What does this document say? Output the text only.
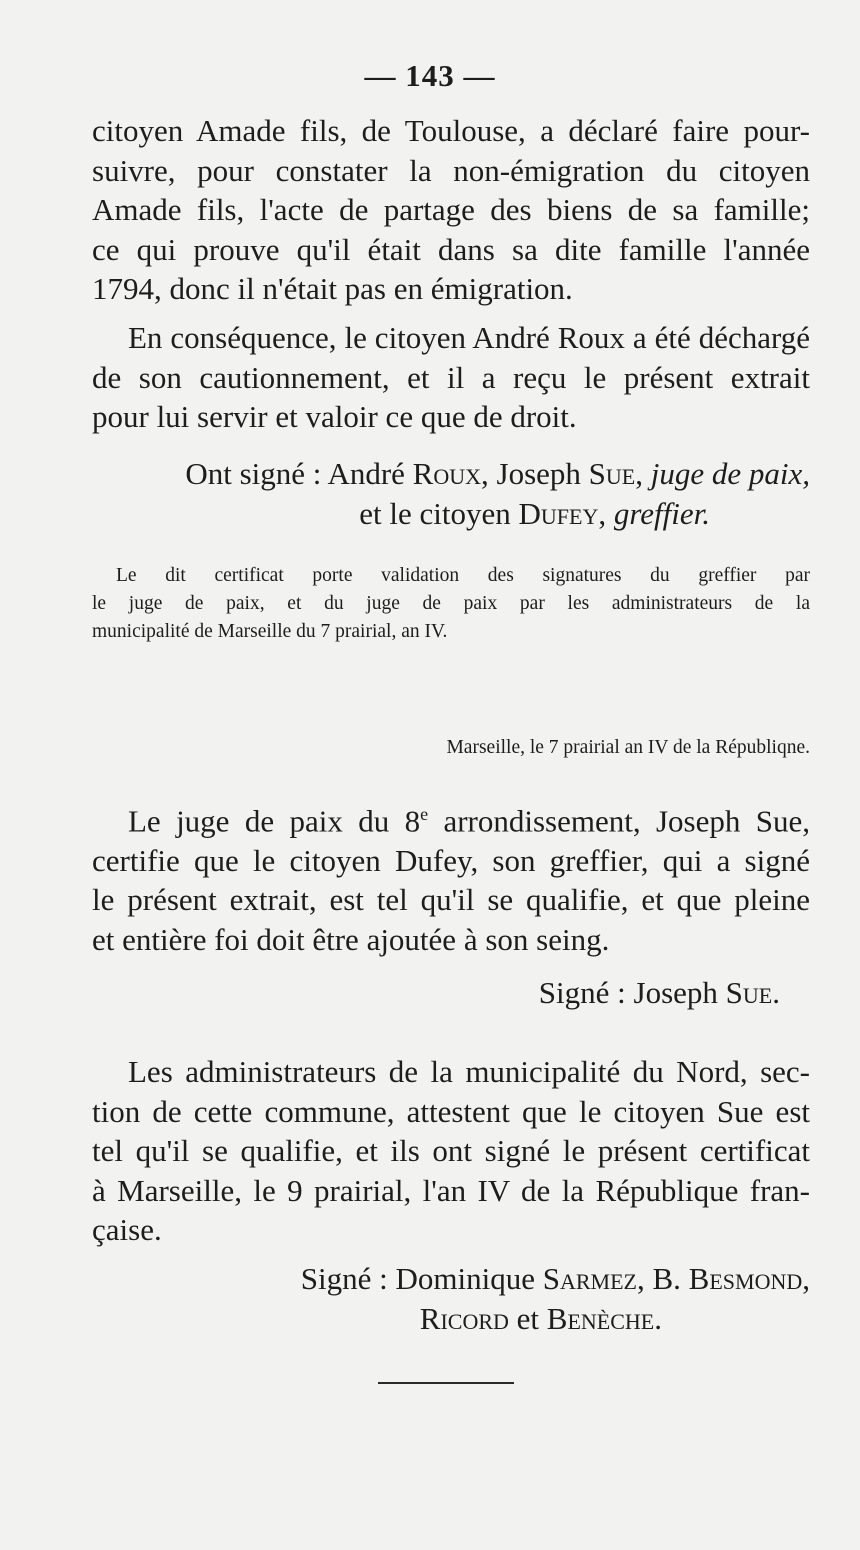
— 143 —
citoyen Amade fils, de Toulouse, a déclaré faire pour-
suivre, pour constater la non-émigration du citoyen
Amade fils, l'acte de partage des biens de sa famille;
ce qui prouve qu'il était dans sa dite famille l'année
1794, donc il n'était pas en émigration.
En conséquence, le citoyen André Roux a été déchargé
de son cautionnement, et il a reçu le présent extrait
pour lui servir et valoir ce que de droit.
Ont signé : André Roux, Joseph Sue, juge de paix,
et le citoyen Dufey, greffier.
Le dit certificat porte validation des signatures du greffier par
le juge de paix, et du juge de paix par les administrateurs de la
municipalité de Marseille du 7 prairial, an IV.
Marseille, le 7 prairial an IV de la Républiqne.
Le juge de paix du 8e arrondissement, Joseph Sue,
certifie que le citoyen Dufey, son greffier, qui a signé
le présent extrait, est tel qu'il se qualifie, et que pleine
et entière foi doit être ajoutée à son seing.
Signé : Joseph Sue.
Les administrateurs de la municipalité du Nord, sec-
tion de cette commune, attestent que le citoyen Sue est
tel qu'il se qualifie, et ils ont signé le présent certificat
à Marseille, le 9 prairial, l'an IV de la République fran-
çaise.
Signé : Dominique Sarmez, B. Besmond,
Ricord et Benèche.
